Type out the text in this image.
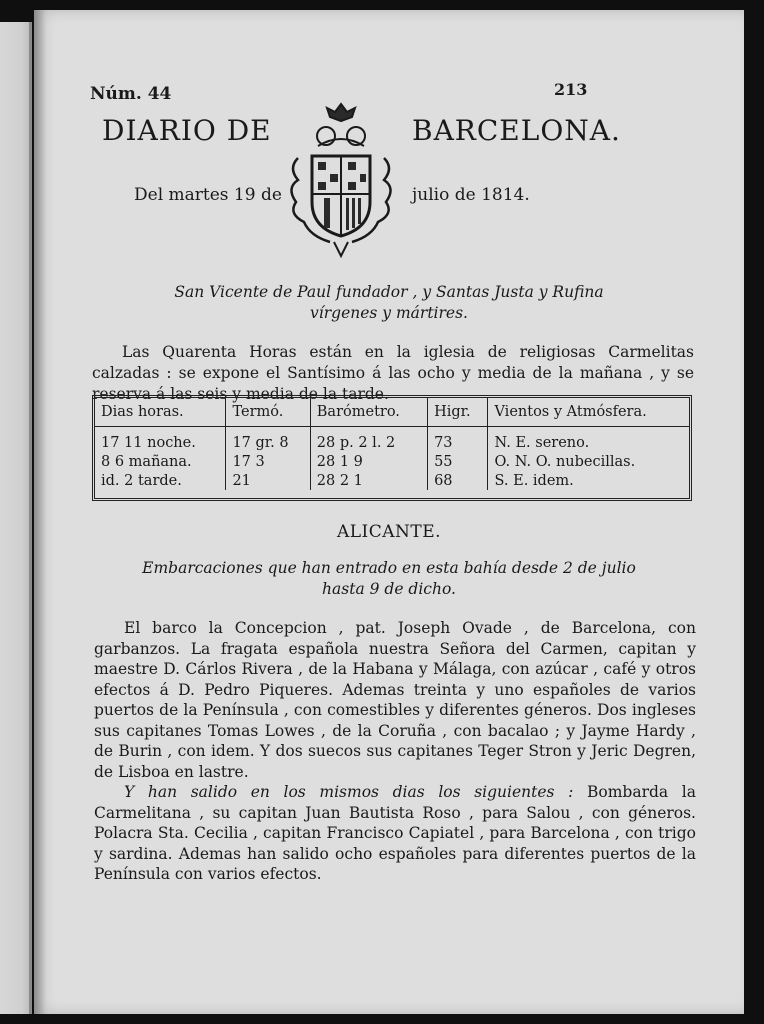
Núm. 44	213
DIARIO DE	BARCELONA.
Del martes 19 de	julio de 1814.
San Vicente de Paul fundador , y Santas Justa y Rufina
vírgenes y mártires.

Las Quarenta Horas están en la iglesia de religiosas Carmelitas calzadas : se expone el Santísimo á las ocho y media de la mañana , y se reserva á las seis y media de la tarde.

Dias horas.	Termó.	Barómetro.	Higr.	Vientos y Atmósfera.
17 11 noche.	17 gr. 8	28 p. 2 l. 2	73	N. E. sereno.
8 6 mañana.	17 3	28 1 9	55	O. N. O. nubecillas.
id. 2 tarde.	21	28 2 1	68	S. E. idem.
ALICANTE.
Embarcaciones que han entrado en esta bahía desde 2 de julio
hasta 9 de dicho.

El barco la Concepcion , pat. Joseph Ovade , de Barcelona, con garbanzos. La fragata española nuestra Señora del Carmen, capitan y maestre D. Cárlos Rivera , de la Habana y Málaga, con azúcar , café y otros efectos á D. Pedro Piqueres. Ademas treinta y uno españoles de varios puertos de la Península , con comestibles y diferentes géneros. Dos ingleses sus capitanes Tomas Lowes , de la Coruña , con bacalao ; y Jayme Hardy , de Burin , con idem. Y dos suecos sus capitanes Teger Stron y Jeric Degren, de Lisboa en lastre.

Y han salido en los mismos dias los siguientes : Bombarda la Carmelitana , su capitan Juan Bautista Roso , para Salou , con géneros. Polacra Sta. Cecilia , capitan Francisco Capiatel , para Barcelona , con trigo y sardina. Ademas han salido ocho españoles para diferentes puertos de la Península con varios efectos.
